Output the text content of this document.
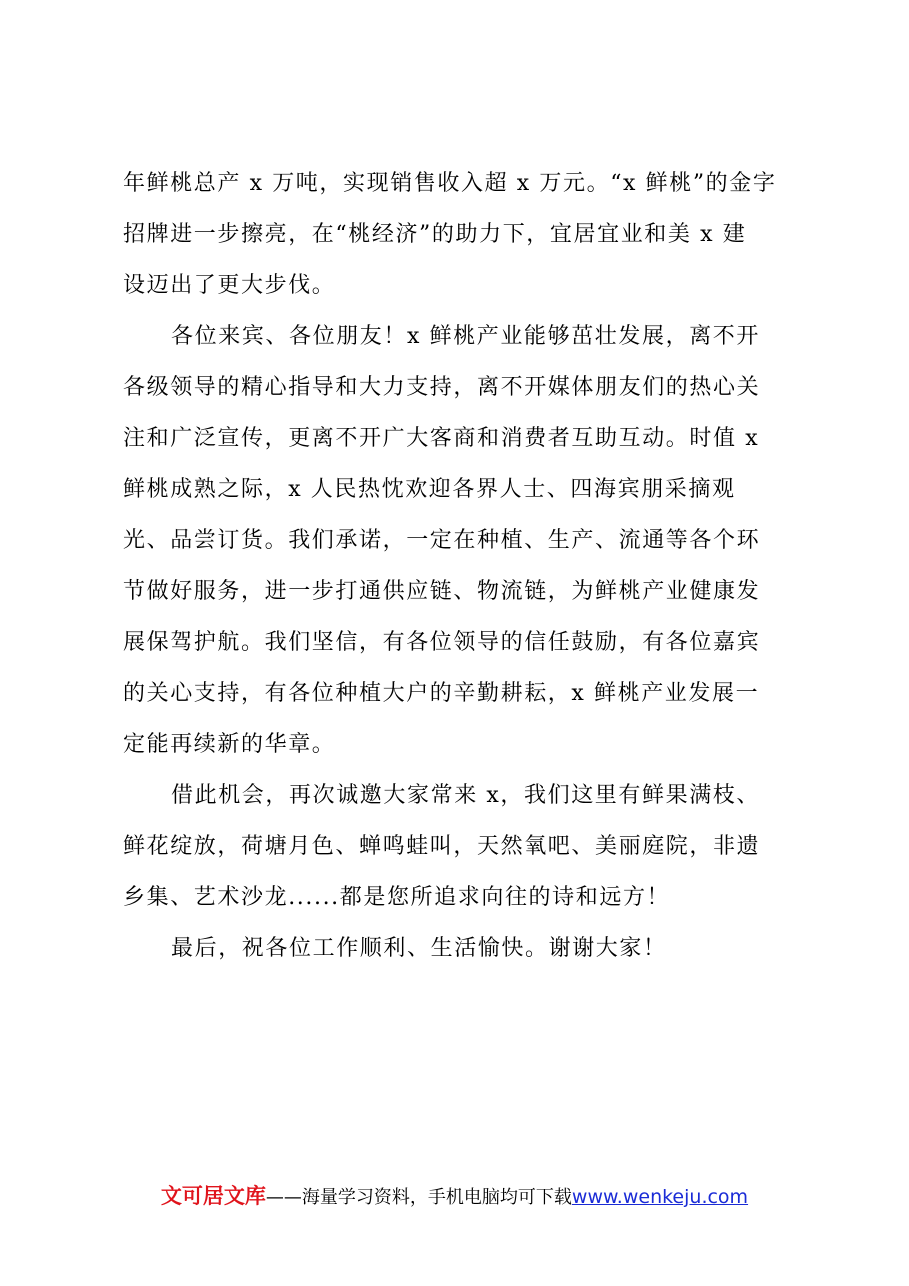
年鲜桃总产 x 万吨，实现销售收入超 x 万元。“x 鲜桃”的金字
招牌进一步擦亮，在“桃经济”的助力下，宜居宜业和美 x 建
设迈出了更大步伐。
各位来宾、各位朋友！x 鲜桃产业能够茁壮发展，离不开
各级领导的精心指导和大力支持，离不开媒体朋友们的热心关
注和广泛宣传，更离不开广大客商和消费者互助互动。时值 x
鲜桃成熟之际，x 人民热忱欢迎各界人士、四海宾朋采摘观
光、品尝订货。我们承诺，一定在种植、生产、流通等各个环
节做好服务，进一步打通供应链、物流链，为鲜桃产业健康发
展保驾护航。我们坚信，有各位领导的信任鼓励，有各位嘉宾
的关心支持，有各位种植大户的辛勤耕耘，x 鲜桃产业发展一
定能再续新的华章。
借此机会，再次诚邀大家常来 x，我们这里有鲜果满枝、
鲜花绽放，荷塘月色、蝉鸣蛙叫，天然氧吧、美丽庭院，非遗
乡集、艺术沙龙......都是您所追求向往的诗和远方！
最后，祝各位工作顺利、生活愉快。谢谢大家！
文可居文库——海量学习资料，手机电脑均可下载www.wenkeju.com
